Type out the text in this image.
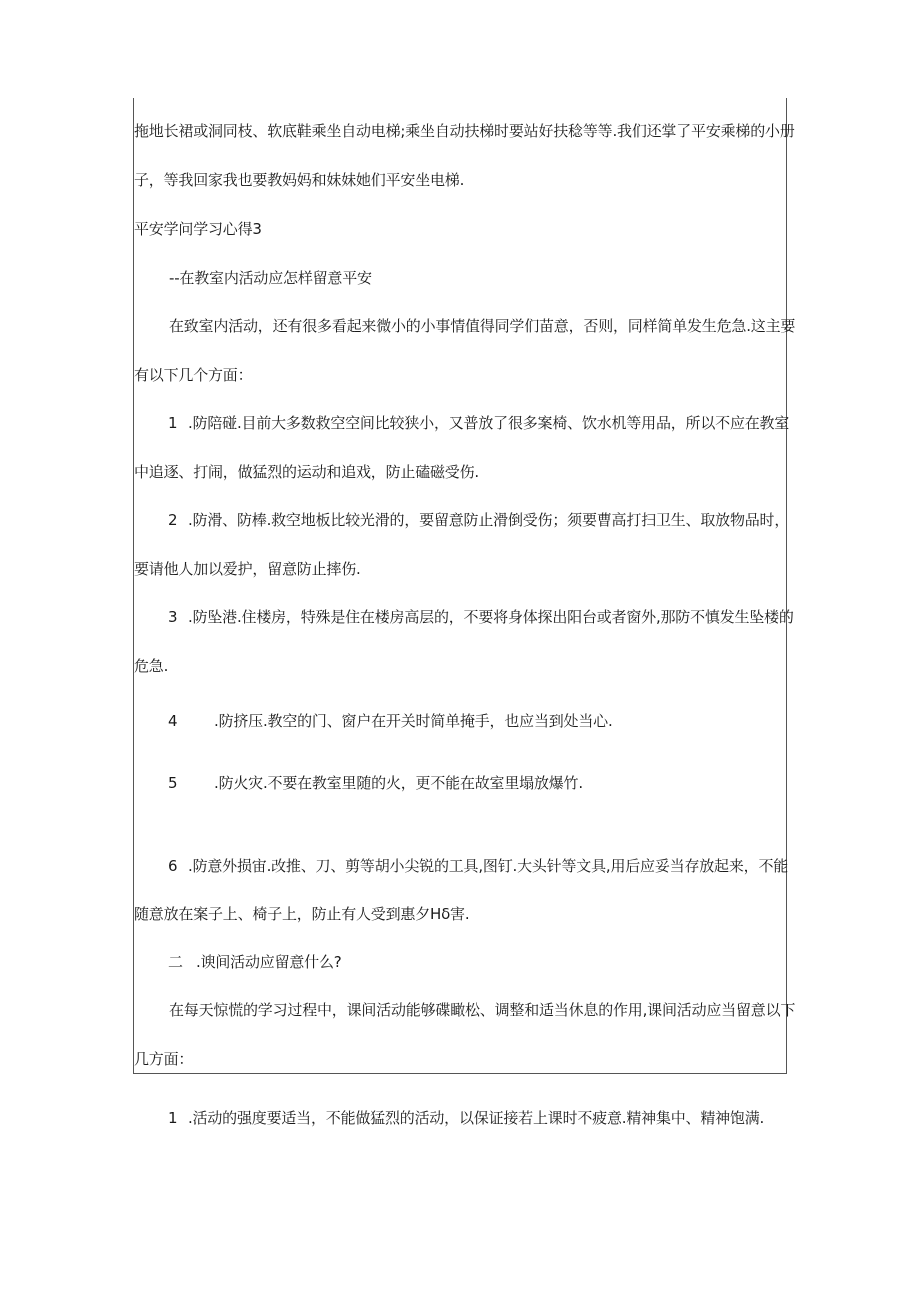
拖地长裙或洞同枝、软底鞋乘坐自动电梯;乘坐自动扶梯时要站好扶稔等等.我们还掌了平安乘梯的小册
子，等我回家我也要教妈妈和妹妹她们平安坐电梯.
平安学问学习心得3
--在教室内活动应怎样留意平安
在致室内活动，还有很多看起来微小的小事情值得同学们苗意，否则，同样简单发生危急.这主要
有以下几个方面：
1 .防陪碰.目前大多数救空空间比较狭小，又普放了很多案椅、饮水机等用品，所以不应在教室
中追逐、打闹，做猛烈的运动和追戏，防止磕磁受伤.
2 .防滑、防棒.救空地板比较光滑的，要留意防止滑倒受伤；须要曹高打扫卫生、取放物品时，
要请他人加以爱护，留意防止摔伤.
3 .防坠港.住楼房，特殊是住在楼房高层的，不要将身体探出阳台或者窗外,那防不慎发生坠楼的
危急.
4 .防挤压.教空的门、窗户在开关时简单掩手，也应当到处当心.
5 .防火灾.不要在教室里随的火，更不能在故室里塌放爆竹.
6 .防意外损宙.改推、刀、剪等胡小尖锐的工具,图钉.大头针等文具,用后应妥当存放起来，不能
随意放在案子上、椅子上，防止有人受到惠夕Hδ害.
二 .谀间活动应留意什么?
在每天惊慌的学习过程中，课间活动能够碟瞰松、调整和适当休息的作用,课间活动应当留意以下
几方面：
1 .活动的强度要适当，不能做猛烈的活动，以保证接若上课时不疲意.精神集中、精神饱满.
